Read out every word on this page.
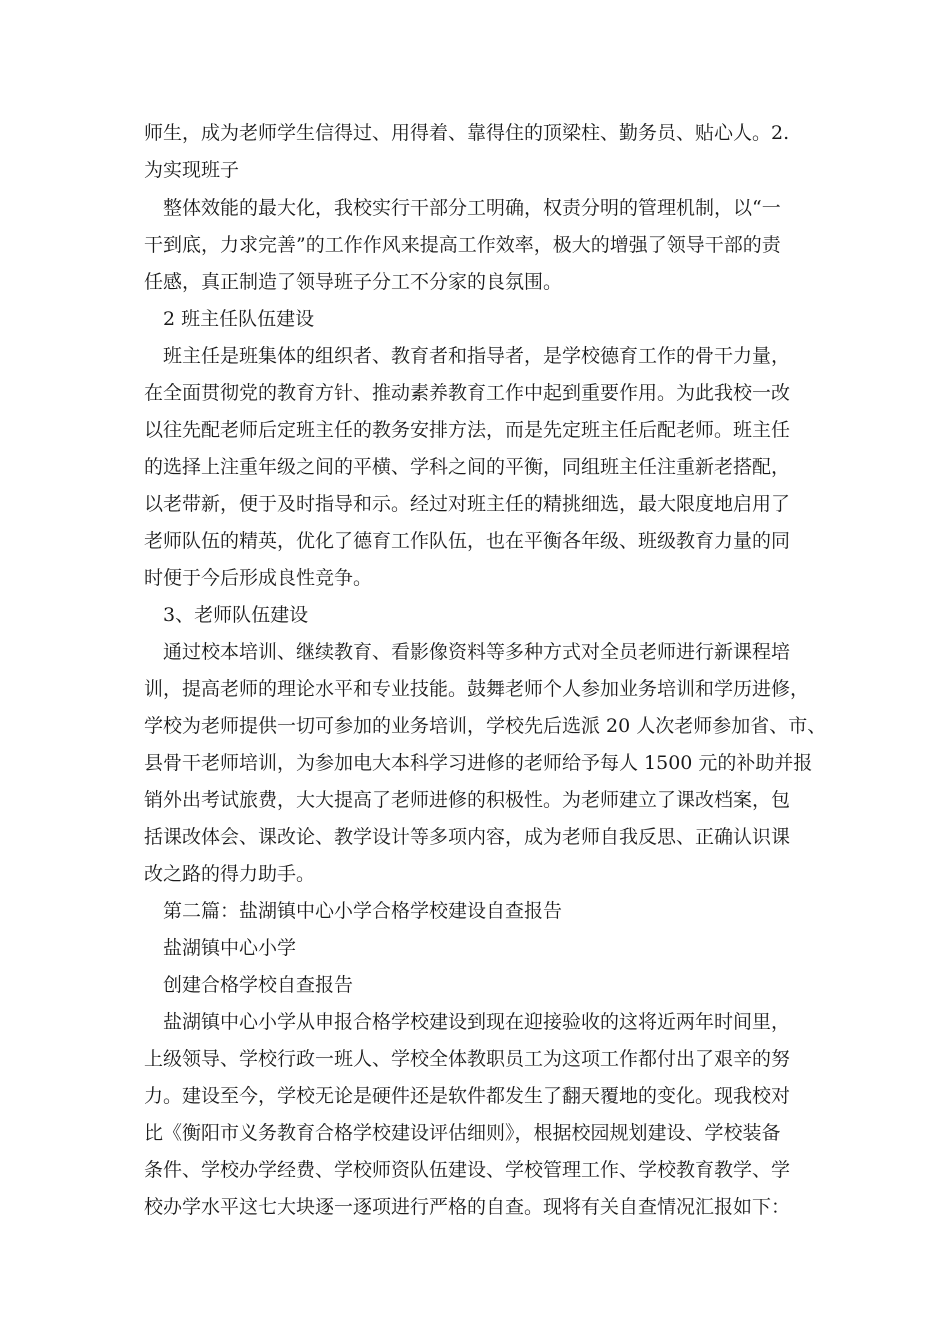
师生，成为老师学生信得过、用得着、靠得住的顶梁柱、勤务员、贴心人。2.

为实现班子

整体效能的最大化，我校实行干部分工明确，权责分明的管理机制，以“一

干到底，力求完善”的工作作风来提高工作效率，极大的增强了领导干部的责

任感，真正制造了领导班子分工不分家的良氛围。

2 班主任队伍建设

班主任是班集体的组织者、教育者和指导者，是学校德育工作的骨干力量，

在全面贯彻党的教育方针、推动素养教育工作中起到重要作用。为此我校一改

以往先配老师后定班主任的教务安排方法，而是先定班主任后配老师。班主任

的选择上注重年级之间的平横、学科之间的平衡，同组班主任注重新老搭配，

以老带新，便于及时指导和示。经过对班主任的精挑细选，最大限度地启用了

老师队伍的精英，优化了德育工作队伍，也在平衡各年级、班级教育力量的同

时便于今后形成良性竞争。

3、老师队伍建设

通过校本培训、继续教育、看影像资料等多种方式对全员老师进行新课程培

训，提高老师的理论水平和专业技能。鼓舞老师个人参加业务培训和学历进修，

学校为老师提供一切可参加的业务培训，学校先后选派 20 人次老师参加省、市、

县骨干老师培训，为参加电大本科学习进修的老师给予每人 1500 元的补助并报

销外出考试旅费，大大提高了老师进修的积极性。为老师建立了课改档案，包

括课改体会、课改论、教学设计等多项内容，成为老师自我反思、正确认识课

改之路的得力助手。

第二篇：盐湖镇中心小学合格学校建设自查报告

盐湖镇中心小学

创建合格学校自查报告

盐湖镇中心小学从申报合格学校建设到现在迎接验收的这将近两年时间里，

上级领导、学校行政一班人、学校全体教职员工为这项工作都付出了艰辛的努

力。建设至今，学校无论是硬件还是软件都发生了翻天覆地的变化。现我校对

比《衡阳市义务教育合格学校建设评估细则》，根据校园规划建设、学校装备

条件、学校办学经费、学校师资队伍建设、学校管理工作、学校教育教学、学

校办学水平这七大块逐一逐项进行严格的自查。现将有关自查情况汇报如下：
